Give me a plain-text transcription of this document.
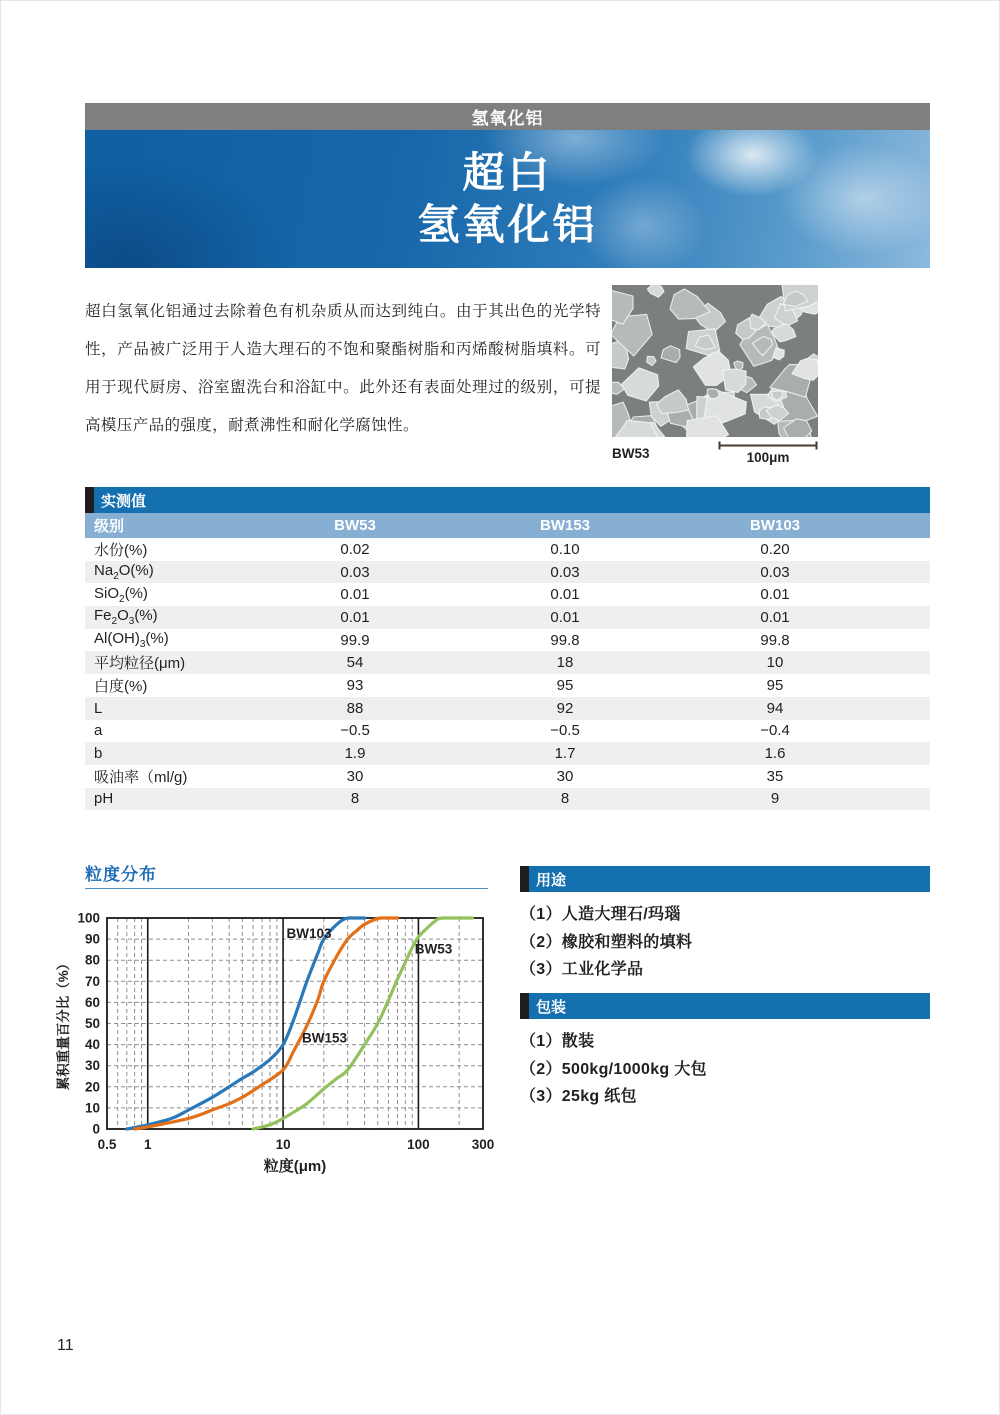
氢氧化铝
超白
氢氧化铝

超白氢氧化铝通过去除着色有机杂质从而达到纯白。由于其出色的光学特性，产品被广泛用于人造大理石的不饱和聚酯树脂和丙烯酸树脂填料。可用于现代厨房、浴室盥洗台和浴缸中。此外还有表面处理过的级别，可提高模压产品的强度，耐煮沸性和耐化学腐蚀性。

BW53	100μm
实测值
级别	BW53	BW153	BW103	
水份(%)	0.02	0.10	0.20	
$Na_2O(\%)$	0.03	0.03	0.03	
SiO$_2$(%)	0.01	0.01	0.01	
$Fe_2O_3(\%)$	0.01	0.01	0.01	
$Al(OH)_3(\%)$	99.9	99.8	99.8	
平均粒径(μm)	54	18	10	
白度(%)	93	95	95	
L	88	92	94	
a	−0.5	−0.5	−0.4	
b	1.9	1.7	1.6	
吸油率（ml/g)	30	30	35	
pH	8	8	9	
粒度分布
0
10
20
30
40
50
60
70
80
90
100
0.5 1	10	100	300
粒度(μm)
累积重量百分比（%）
BW103
BW153
BW53
用途
（1）人造大理石/玛瑙
（2）橡胶和塑料的填料
（3）工业化学品
包装
（1）散装
（2）500kg/1000kg 大包
（3）25kg 纸包
11
